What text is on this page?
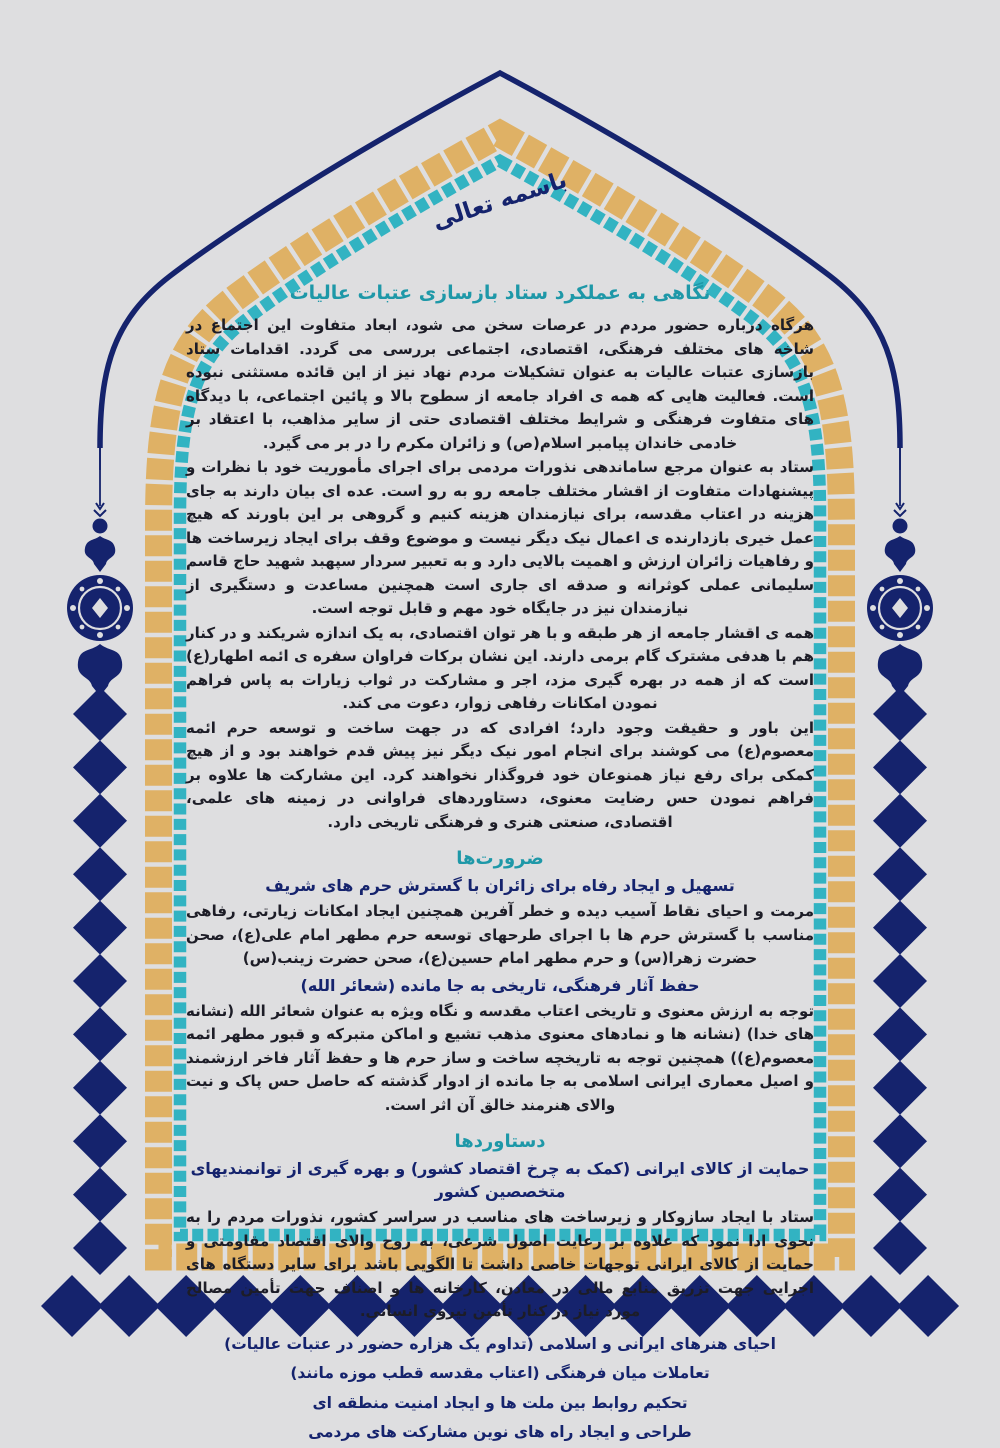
باسمه تعالی
نگاهی به عملکرد ستاد بازسازی عتبات عالیات

هرگاه درباره حضور مردم در عرصات سخن می شود، ابعاد متفاوت این اجتماع در شاخه های مختلف فرهنگی، اقتصادی، اجتماعی بررسی می گردد. اقدامات ستاد بازسازی عتبات عالیات به عنوان تشکیلات مردم نهاد نیز از این قائده مستثنی نبوده است. فعالیت هایی که همه ی افراد جامعه از سطوح بالا و پائین اجتماعی، با دیدگاه های متفاوت فرهنگی و شرایط مختلف اقتصادی حتی از سایر مذاهب، با اعتقاد بر خادمی خاندان پیامبر اسلام(ص) و زائران مکرم را در بر می گیرد.

ستاد به عنوان مرجع ساماندهی نذورات مردمی برای اجرای مأموریت خود با نظرات و پیشنهادات متفاوت از اقشار مختلف جامعه رو به رو است. عده ای بیان دارند به جای هزینه در اعتاب مقدسه، برای نیازمندان هزینه کنیم و گروهی بر این باورند که هیچ عمل خیری بازدارنده ی اعمال نیک دیگر نیست و موضوع وقف برای ایجاد زیرساخت ها و رفاهیات زائران ارزش و اهمیت بالایی دارد و به تعبیر سردار سپهبد شهید حاج قاسم سلیمانی عملی کوثرانه و صدقه ای جاری است همچنین مساعدت و دستگیری از نیازمندان نیز در جایگاه خود مهم و قابل توجه است.

همه ی اقشار جامعه از هر طبقه و با هر توان اقتصادی، به یک اندازه شریکند و در کنار هم با هدفی مشترک گام برمی دارند. این نشان برکات فراوان سفره ی ائمه اطهار(ع) است که از همه در بهره گیری مزد، اجر و مشارکت در ثواب زیارات به پاس فراهم نمودن امکانات رفاهی زوار، دعوت می کند.

این باور و حقیقت وجود دارد؛ افرادی که در جهت ساخت و توسعه حرم ائمه معصوم(ع) می کوشند برای انجام امور نیک دیگر نیز پیش قدم خواهند بود و از هیچ کمکی برای رفع نیاز همنوعان خود فروگذار نخواهند کرد. این مشارکت ها علاوه بر فراهم نمودن حس رضایت معنوی، دستاوردهای فراوانی در زمینه های علمی، اقتصادی، صنعتی هنری و فرهنگی تاریخی دارد.

ضرورت‌ها
تسهیل و ایجاد رفاه برای زائران با گسترش حرم های شریف

مرمت و احیای نقاط آسیب دیده و خطر آفرین همچنین ایجاد امکانات زیارتی، رفاهی مناسب با گسترش حرم ها با اجرای طرحهای توسعه حرم مطهر امام علی(ع)، صحن حضرت زهرا(س) و حرم مطهر امام حسین(ع)، صحن حضرت زینب(س)

حفظ آثار فرهنگی، تاریخی به جا مانده (شعائر الله)

توجه به ارزش معنوی و تاریخی اعتاب مقدسه و نگاه ویژه به عنوان شعائر الله (نشانه های خدا) (نشانه ها و نمادهای معنوی مذهب تشیع و اماکن متبرکه و قبور مطهر ائمه معصوم(ع)) همچنین توجه به تاریخچه ساخت و ساز حرم ها و حفظ آثار فاخر ارزشمند و اصیل معماری ایرانی اسلامی به جا مانده از ادوار گذشته که حاصل حس پاک و نیت والای هنرمند خالق آن اثر است.

دستاوردها
حمایت از کالای ایرانی (کمک به چرخ اقتصاد کشور) و بهره گیری از توانمندیهای متخصصین کشور

ستاد با ایجاد سازوکار و زیرساخت های مناسب در سراسر کشور، نذورات مردم را به نحوی ادا نمود که علاوه بر رعایت اصول شرعی، به روح والای اقتصاد مقاومتی و حمایت از کالای ایرانی توجهات خاصی داشت تا الگویی باشد برای سایر دستگاه های اجرایی جهت تزریق منابع مالی در معادن، کارخانه ها و اصناف جهت تأمین مصالح مورد نیاز در کنار تأمین نیروی انسانی.

احیای هنرهای ایرانی و اسلامی (تداوم یک هزاره حضور در عتبات عالیات)
تعاملات میان فرهنگی (اعتاب مقدسه قطب موزه مانند)
تحکیم روابط بین ملت ها و ایجاد امنیت منطقه ای
طراحی و ایجاد راه های نوین مشارکت های مردمی
